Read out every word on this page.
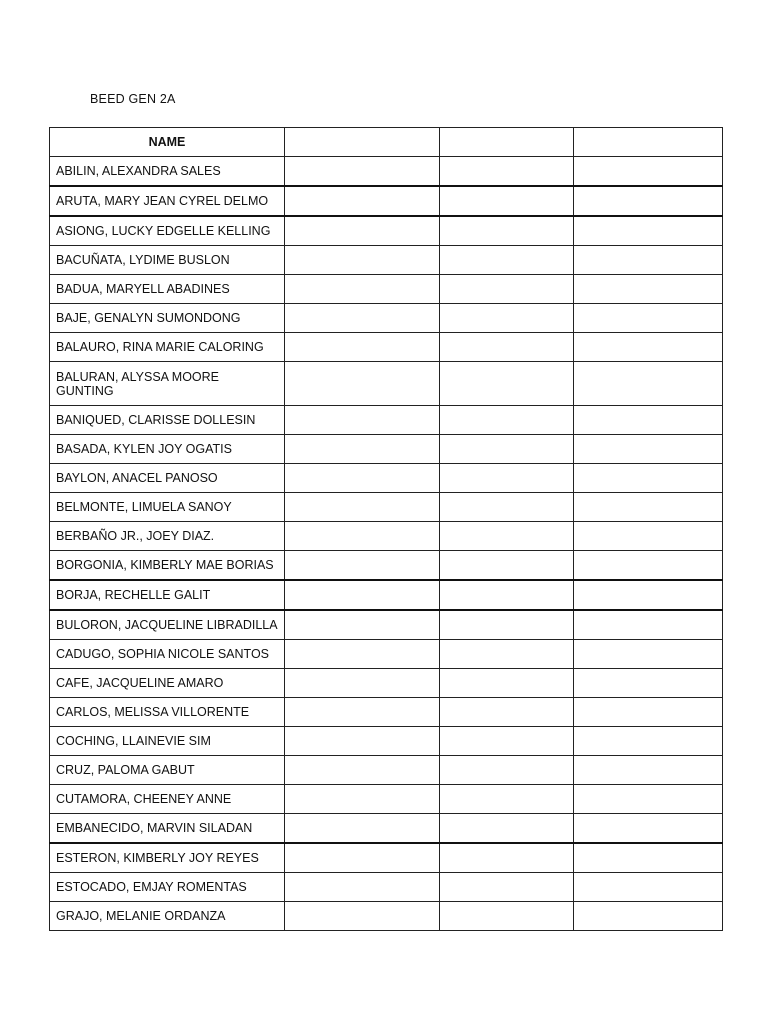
BEED GEN 2A
NAME			
ABILIN, ALEXANDRA SALES			
ARUTA, MARY JEAN CYREL DELMO			
ASIONG, LUCKY EDGELLE KELLING			
BACUÑATA, LYDIME BUSLON			
BADUA, MARYELL ABADINES			
BAJE, GENALYN SUMONDONG			
BALAURO, RINA MARIE CALORING			
BALURAN, ALYSSA MOORE GUNTING			
BANIQUED, CLARISSE DOLLESIN			
BASADA, KYLEN JOY OGATIS			
BAYLON, ANACEL PANOSO			
BELMONTE, LIMUELA SANOY			
BERBAÑO JR., JOEY DIAZ.			
BORGONIA, KIMBERLY MAE BORIAS			
BORJA, RECHELLE GALIT			
BULORON, JACQUELINE LIBRADILLA			
CADUGO, SOPHIA NICOLE SANTOS			
CAFE, JACQUELINE AMARO			
CARLOS, MELISSA VILLORENTE			
COCHING, LLAINEVIE SIM			
CRUZ, PALOMA GABUT			
CUTAMORA, CHEENEY ANNE			
EMBANECIDO, MARVIN SILADAN			
ESTERON, KIMBERLY JOY REYES			
ESTOCADO, EMJAY ROMENTAS			
GRAJO, MELANIE ORDANZA			
